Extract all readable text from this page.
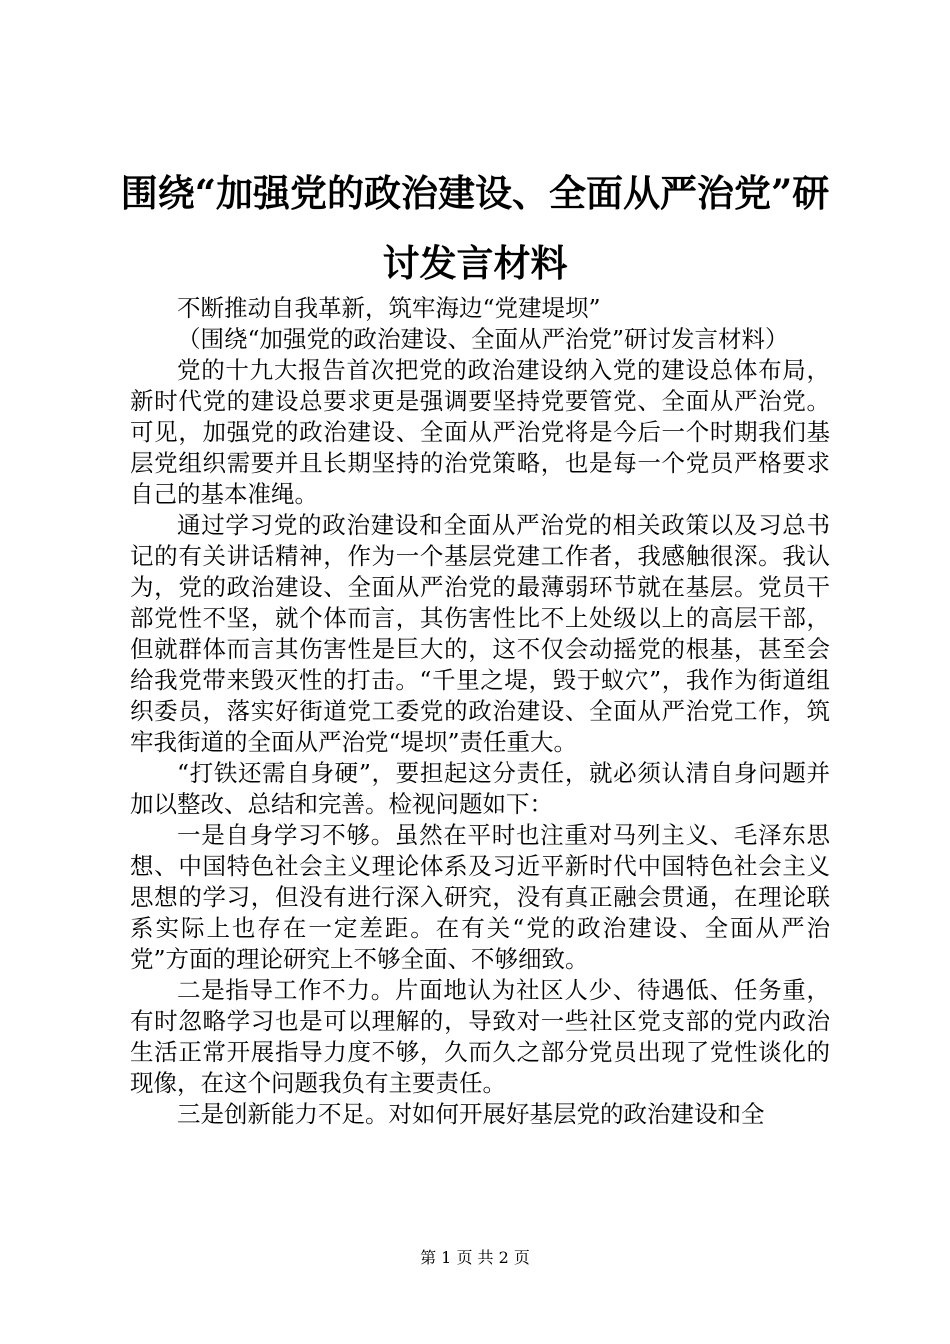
围绕“加强党的政治建设、全面从严治党”研
讨发言材料

不断推动自我革新，筑牢海边“党建堤坝”

（围绕“加强党的政治建设、全面从严治党”研讨发言材料）

党的十九大报告首次把党的政治建设纳入党的建设总体布局，新时代党的建设总要求更是强调要坚持党要管党、全面从严治党。可见，加强党的政治建设、全面从严治党将是今后一个时期我们基层党组织需要并且长期坚持的治党策略，也是每一个党员严格要求自己的基本准绳。

通过学习党的政治建设和全面从严治党的相关政策以及习总书记的有关讲话精神，作为一个基层党建工作者，我感触很深。我认为，党的政治建设、全面从严治党的最薄弱环节就在基层。党员干部党性不坚，就个体而言，其伤害性比不上处级以上的高层干部，但就群体而言其伤害性是巨大的，这不仅会动摇党的根基，甚至会给我党带来毁灭性的打击。“千里之堤，毁于蚁穴”，我作为街道组织委员，落实好街道党工委党的政治建设、全面从严治党工作，筑牢我街道的全面从严治党“堤坝”责任重大。

“打铁还需自身硬”，要担起这分责任，就必须认清自身问题并加以整改、总结和完善。检视问题如下：

一是自身学习不够。虽然在平时也注重对马列主义、毛泽东思想、中国特色社会主义理论体系及习近平新时代中国特色社会主义思想的学习，但没有进行深入研究，没有真正融会贯通，在理论联系实际上也存在一定差距。在有关“党的政治建设、全面从严治党”方面的理论研究上不够全面、不够细致。

二是指导工作不力。片面地认为社区人少、待遇低、任务重，有时忽略学习也是可以理解的，导致对一些社区党支部的党内政治生活正常开展指导力度不够，久而久之部分党员出现了党性谈化的现像，在这个问题我负有主要责任。

三是创新能力不足。对如何开展好基层党的政治建设和全

第 1 页 共 2 页
